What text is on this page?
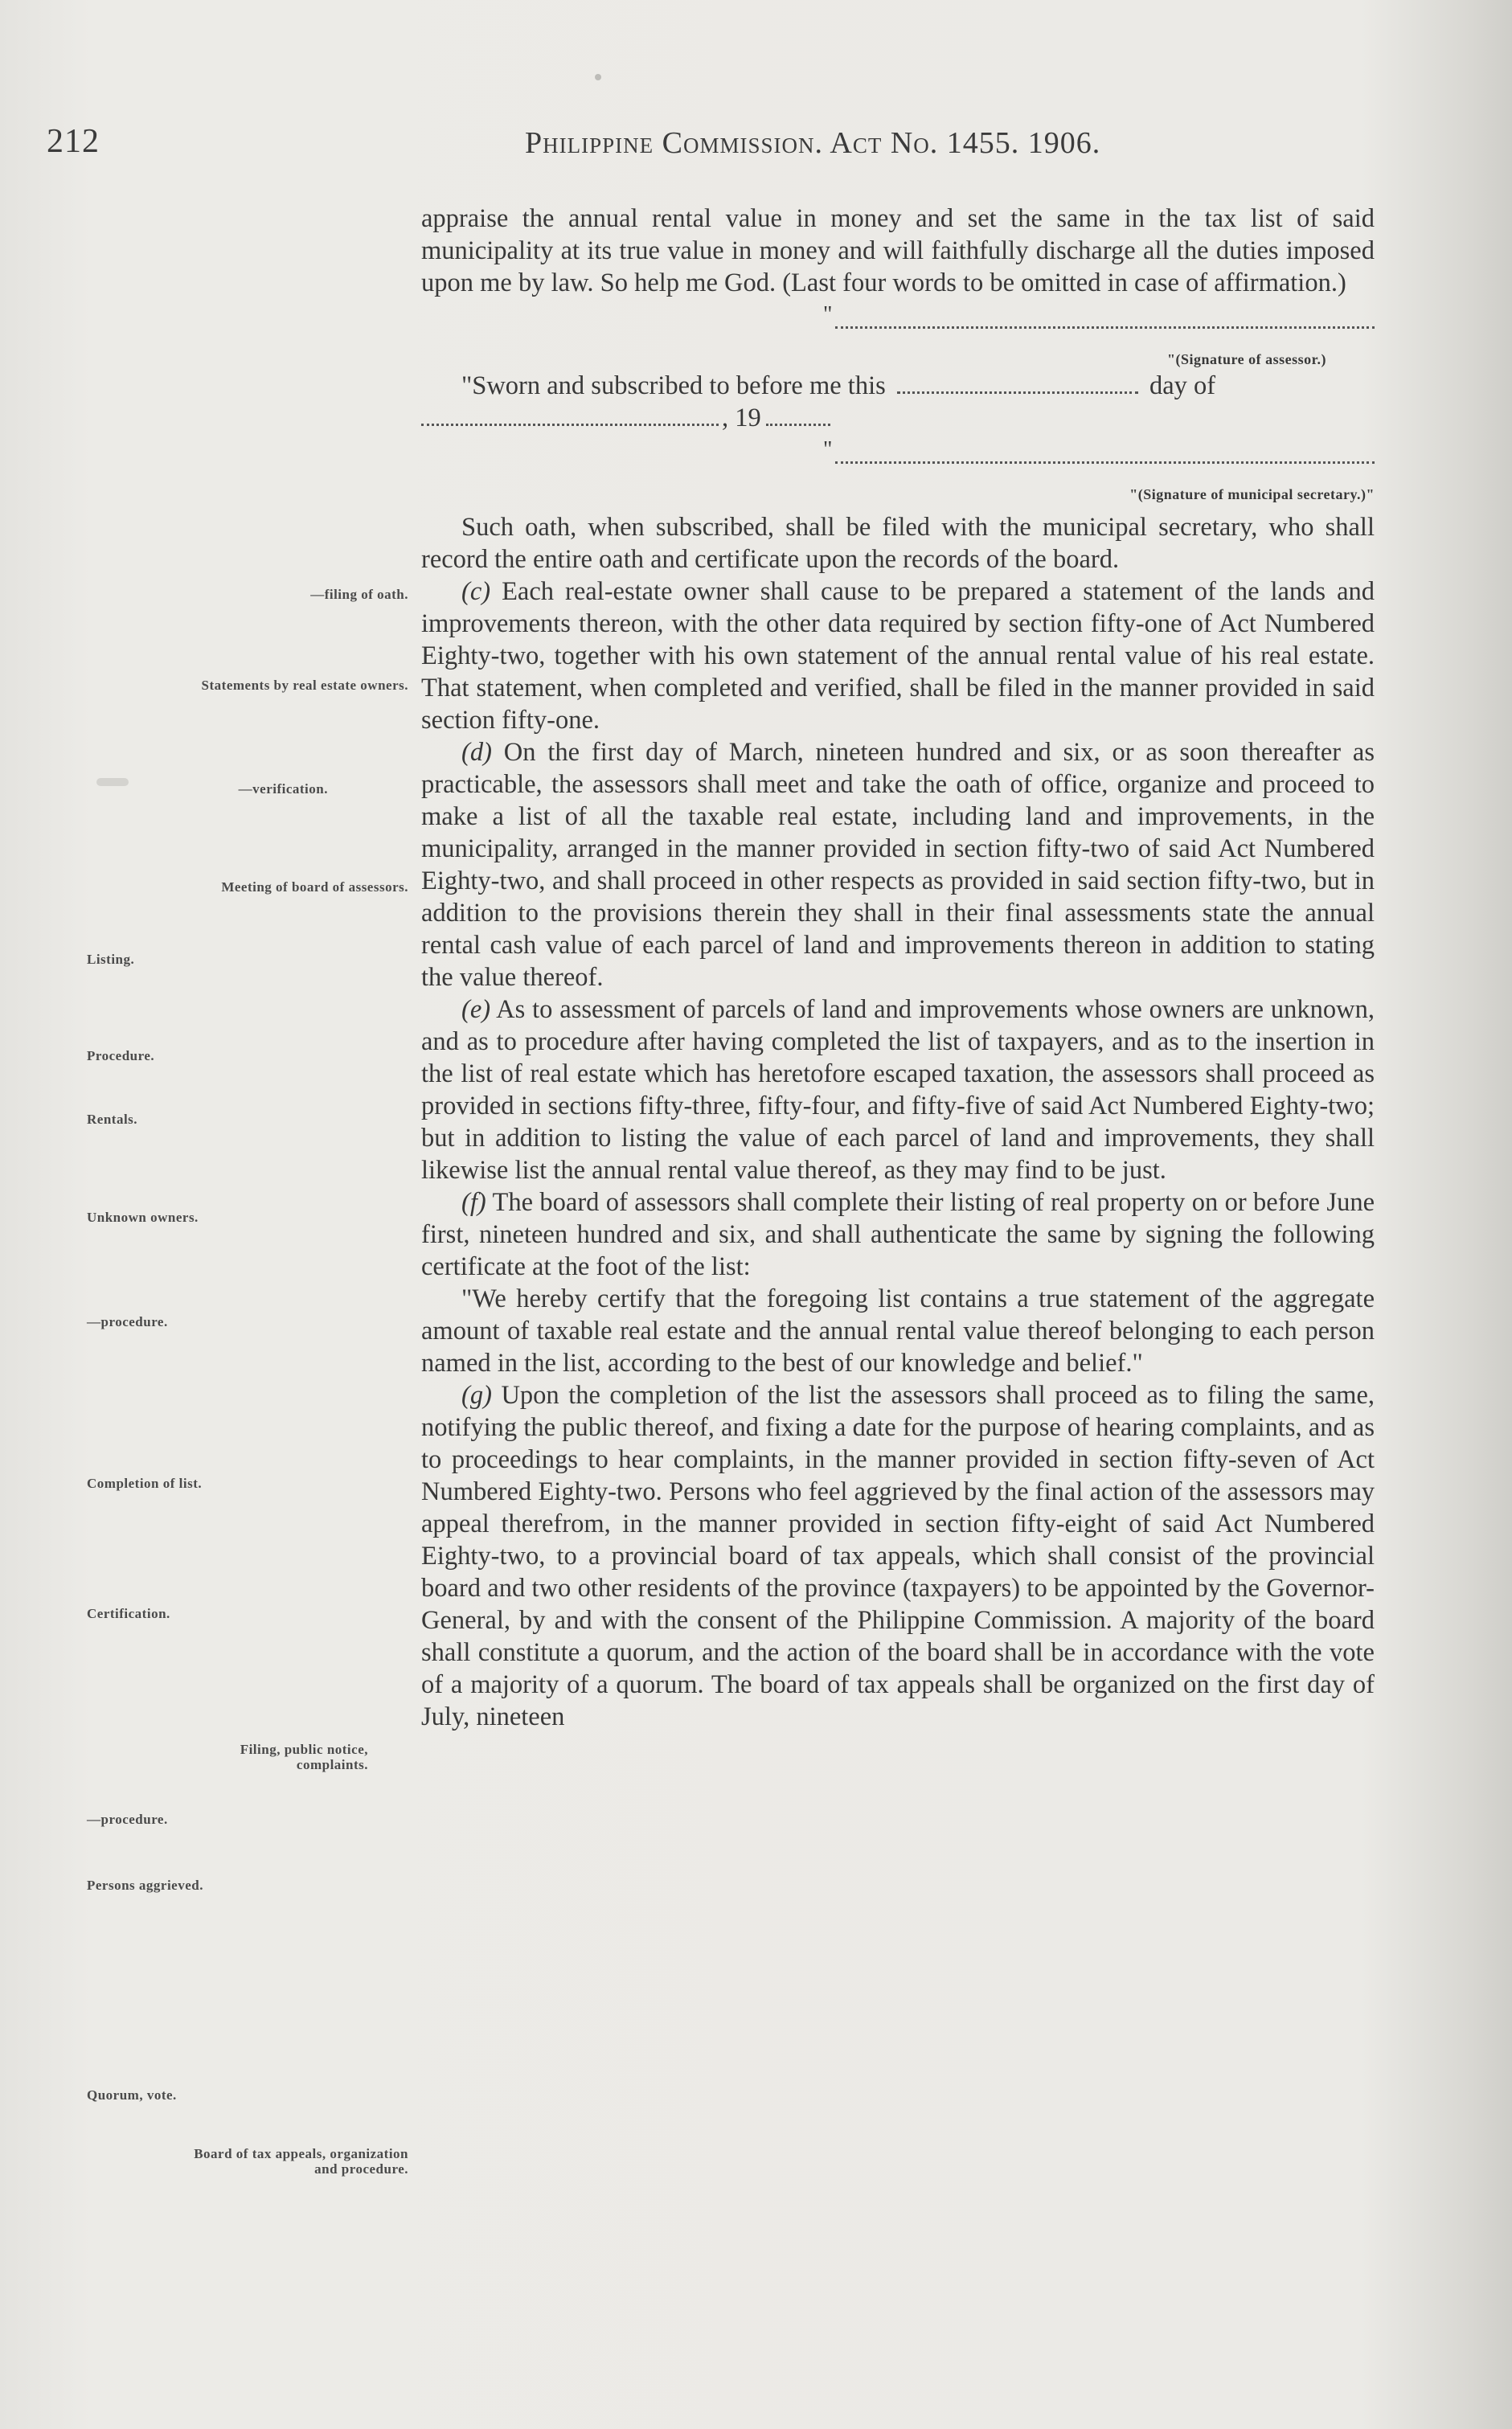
212	Philippine Commission. Act No. 1455. 1906.

appraise the annual rental value in money and set the same in the tax list of said municipality at its true value in money and will faithfully discharge all the duties imposed upon me by law. So help me God. (Last four words to be omitted in case of affirmation.)

"

"(Signature of assessor.)

"Sworn and subscribed to before me this	day of

, 19

"

"(Signature of municipal secretary.)"

Such oath, when subscribed, shall be filed with the municipal secretary, who shall record the entire oath and certificate upon the records of the board.

(c) Each real-estate owner shall cause to be prepared a statement of the lands and improvements thereon, with the other data required by section fifty-one of Act Numbered Eighty-two, together with his own statement of the annual rental value of his real estate. That statement, when completed and verified, shall be filed in the manner provided in said section fifty-one.

(d) On the first day of March, nineteen hundred and six, or as soon thereafter as practicable, the assessors shall meet and take the oath of office, organize and proceed to make a list of all the taxable real estate, including land and improvements, in the municipality, arranged in the manner provided in section fifty-two of said Act Numbered Eighty-two, and shall proceed in other respects as provided in said section fifty-two, but in addition to the provisions therein they shall in their final assessments state the annual rental cash value of each parcel of land and improvements thereon in addition to stating the value thereof.

(e) As to assessment of parcels of land and improvements whose owners are unknown, and as to procedure after having completed the list of taxpayers, and as to the insertion in the list of real estate which has heretofore escaped taxation, the assessors shall proceed as provided in sections fifty-three, fifty-four, and fifty-five of said Act Numbered Eighty-two; but in addition to listing the value of each parcel of land and improvements, they shall likewise list the annual rental value thereof, as they may find to be just.

(f) The board of assessors shall complete their listing of real property on or before June first, nineteen hundred and six, and shall authenticate the same by signing the following certificate at the foot of the list:

"We hereby certify that the foregoing list contains a true statement of the aggregate amount of taxable real estate and the annual rental value thereof belonging to each person named in the list, according to the best of our knowledge and belief."

(g) Upon the completion of the list the assessors shall proceed as to filing the same, notifying the public thereof, and fixing a date for the purpose of hearing complaints, and as to proceedings to hear complaints, in the manner provided in section fifty-seven of Act Numbered Eighty-two. Persons who feel aggrieved by the final action of the assessors may appeal therefrom, in the manner provided in section fifty-eight of said Act Numbered Eighty-two, to a provincial board of tax appeals, which shall consist of the provincial board and two other residents of the province (taxpayers) to be appointed by the Governor-General, by and with the consent of the Philippine Commission. A majority of the board shall constitute a quorum, and the action of the board shall be in accordance with the vote of a majority of a quorum. The board of tax appeals shall be organized on the first day of July, nineteen

—filing of oath.
Statements by real estate owners.
—verification.
Meeting of board of assessors.
Listing.
Procedure.
Rentals.
Unknown owners.
—procedure.
Completion of list.
Certification.
Filing, public notice, complaints.
—procedure.
Persons aggrieved.
Quorum, vote.
Board of tax appeals, organization and procedure.
